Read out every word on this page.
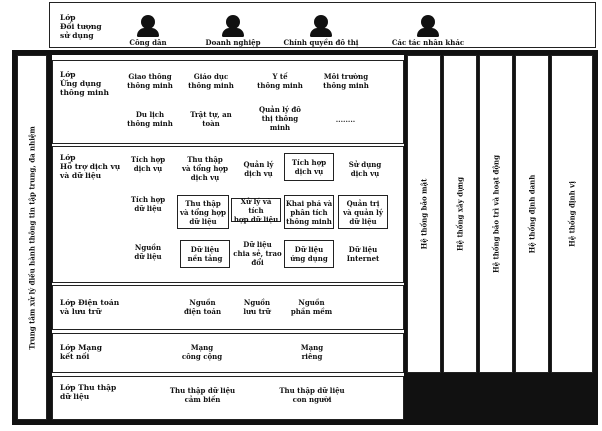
Lớp
Đối tượng
sử dụng
Công dân	Doanh nghiệp	Chính quyền đô thị	Các tác nhân khác
Trung tâm xử lý điều hành thông tin tập trung, đa nhiệm
Lớp
Ứng dụng
thông minh
Giao thông
thông minh
Giáo dục
thông minh
Y tế
thông minh
Môi trường
thông minh
Du lịch
thông minh
Trật tự, an
toàn
Quản lý đô
thị thông
minh
........
Lớp
Hỗ trợ dịch vụ
và dữ liệu
Tích hợp
dịch vụ
Thu thập
và tổng hợp
dịch vụ
Quản lý
dịch vụ
Tích hợp
dịch vụ
Sử dụng
dịch vụ
Tích hợp
dữ liệu
Thu thập
và tổng hợp
dữ liệu
Xử lý và tích
hợp dữ liệu
Khai phá và
phân tích
thông minh
Quản trị
và quản lý
dữ liệu
Nguồn
dữ liệu
Dữ liệu
nền tảng
Dữ liệu
chia sẻ, trao
đổi
Dữ liệu
ứng dụng
Dữ liệu
Internet
Lớp Điện toán
và lưu trữ
Nguồn
điện toán
Nguồn
lưu trữ
Nguồn
phần mềm
Lớp Mạng
kết nối
Mạng
công cộng
Mạng
riêng
Lớp Thu thập
dữ liệu
Thu thập dữ liệu
cảm biến
Thu thập dữ liệu
con người
Hệ thống bảo mật	Hệ thống xây dựng	Hệ thống bảo trì và hoạt động	Hệ thống định danh	Hệ thống định vị
